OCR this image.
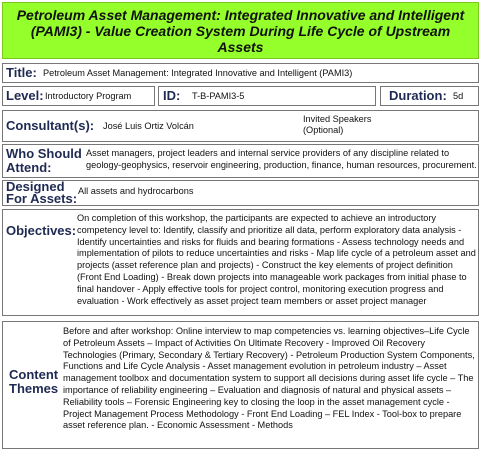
Petroleum Asset Management: Integrated Innovative and Intelligent (PAMI3) - Value Creation System During Life Cycle of Upstream Assets
Title: Petroleum Asset Management: Integrated Innovative and Intelligent (PAMI3)
Level: Introductory Program ID: T-B-PAMI3-5	Duration: 5d
Consultant(s): José Luis Ortiz Volcán
Invited Speakers
(Optional)
Who Should
Attend:
Asset managers, project leaders and internal service providers of any discipline related to geology-geophysics, reservoir engineering, production, finance, human resources, procurement.
Designed
For Assets: All assets and hydrocarbons
Objectives:
On completion of this workshop, the participants are expected to achieve an introductory competency level to: Identify, classify and prioritize all data, perform exploratory data analysis - Identify uncertainties and risks for fluids and bearing formations - Assess technology needs and implementation of pilots to reduce uncertainties and risks - Map life cycle of a petroleum asset and projects (asset reference plan and projects) - Construct the key elements of project definition (Front End Loading) - Break down projects into manageable work packages from initial phase to final handover - Apply effective tools for project control, monitoring execution progress and evaluation - Work effectively as asset project team members or asset project manager
Content
Themes
Before and after workshop: Online interview to map competencies vs. learning objectives–Life Cycle of Petroleum Assets – Impact of Activities On Ultimate Recovery - Improved Oil Recovery Technologies (Primary, Secondary & Tertiary Recovery) - Petroleum Production System Components, Functions and Life Cycle Analysis - Asset management evolution in petroleum industry – Asset management toolbox and documentation system to support all decisions during asset life cycle – The importance of reliability engineering – Evaluation and diagnosis of natural and physical assets – Reliability tools – Forensic Engineering key to closing the loop in the asset management cycle - Project Management Process Methodology - Front End Loading – FEL Index - Tool-box to prepare asset reference plan. - Economic Assessment - Methods
